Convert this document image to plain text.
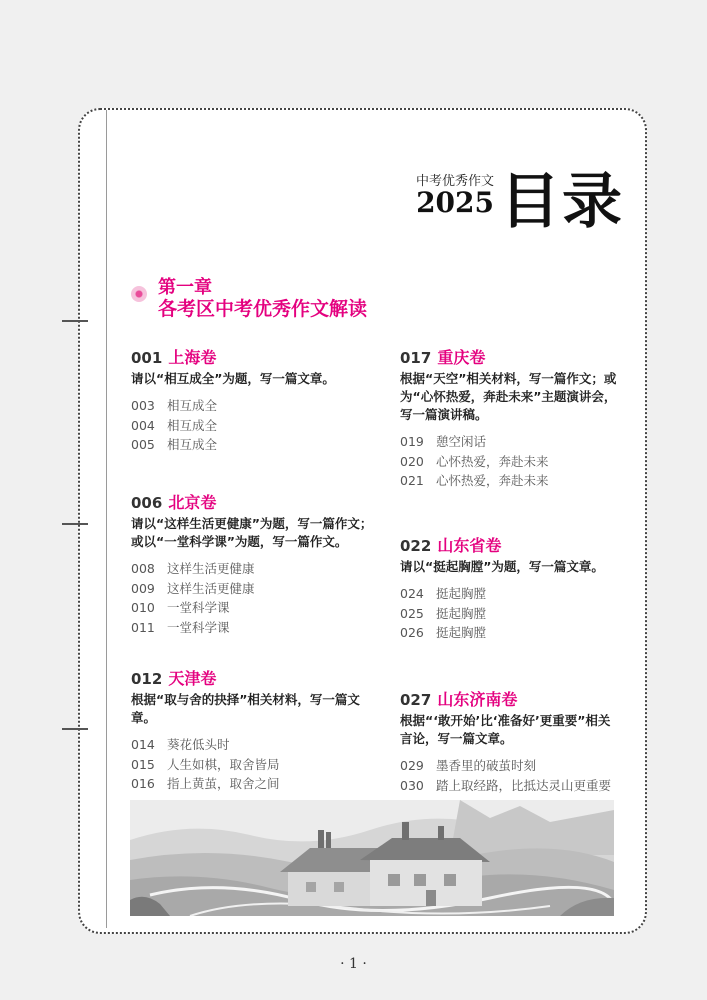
中考优秀作文
2025 目录
第一章
各考区中考优秀作文解读
001 上海卷
请以“相互成全”为题，写一篇文章。
003 相互成全
004 相互成全
005 相互成全
006 北京卷
请以“这样生活更健康”为题，写一篇作文；或以“一堂科学课”为题，写一篇作文。
008 这样生活更健康
009 这样生活更健康
010 一堂科学课
011 一堂科学课
012 天津卷
根据“取与舍的抉择”相关材料，写一篇文章。
014 葵花低头时
015 人生如棋，取舍皆局
016 指上黄茧，取舍之间
017 重庆卷
根据“天空”相关材料，写一篇作文；或为“心怀热爱，奔赴未来”主题演讲会，写一篇演讲稿。
019 憩空闲话
020 心怀热爱，奔赴未来
021 心怀热爱，奔赴未来
022 山东省卷
请以“挺起胸膛”为题，写一篇文章。
024 挺起胸膛
025 挺起胸膛
026 挺起胸膛
027 山东济南卷
根据“‘敢开始’比‘准备好’更重要”相关言论，写一篇文章。
029 墨香里的破茧时刻
030 踏上取经路，比抵达灵山更重要
· 1 ·
